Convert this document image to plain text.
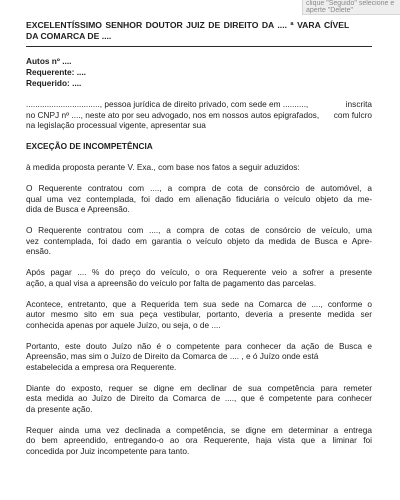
clique "Seguido" selecione e
aperte "Delete"
EXCELENTÍSSIMO SENHOR DOUTOR JUIZ DE DIREITO DA .... ª VARA CÍVEL
DA COMARCA DE ....
Autos nº ....
Requerente: ....
Requerido: ....
................................, pessoa jurídica de direito privado, com sede em ..........,	inscrita
no CNPJ nº ...., neste ato por seu advogado, nos em nossos autos epigrafados, com fulcro
na legislação processual vigente, apresentar sua
EXCEÇÃO DE INCOMPETÊNCIA
à medida proposta perante V. Exa., com base nos fatos a seguir aduzidos:
O Requerente contratou com ...., a compra de cota de consórcio de automóvel, a
qual uma vez contemplada, foi dado em alienação fiduciária o veículo objeto da me-
dida de Busca e Apreensão.
O Requerente contratou com ...., a compra de cotas de consórcio de veículo, uma
vez contemplada, foi dado em garantia o veículo objeto da medida de Busca e Apre-
ensão.
Após pagar .... % do preço do veículo, o ora Requerente veio a sofrer a presente
ação, a qual visa a apreensão do veículo por falta de pagamento das parcelas.
Acontece, entretanto, que a Requerida tem sua sede na Comarca de ...., conforme o
autor mesmo sito em sua peça vestibular, portanto, deveria a presente medida ser
conhecida apenas por aquele Juízo, ou seja, o de ....
Portanto, este douto Juízo não é o competente para conhecer da ação de Busca e
Apreensão, mas sim o Juízo de Direito da Comarca de .... , e ó Juízo onde está
estabelecida a empresa ora Requerente.
Diante do exposto, requer se digne em declinar de sua competência para remeter
esta medida ao Juízo de Direito da Comarca de ...., que é competente para conhecer
da presente ação.
Requer ainda uma vez declinada a competência, se digne em determinar a entrega
do bem apreendido, entregando-o ao ora Requerente, haja vista que a liminar foi
concedida por Juiz incompetente para tanto.
